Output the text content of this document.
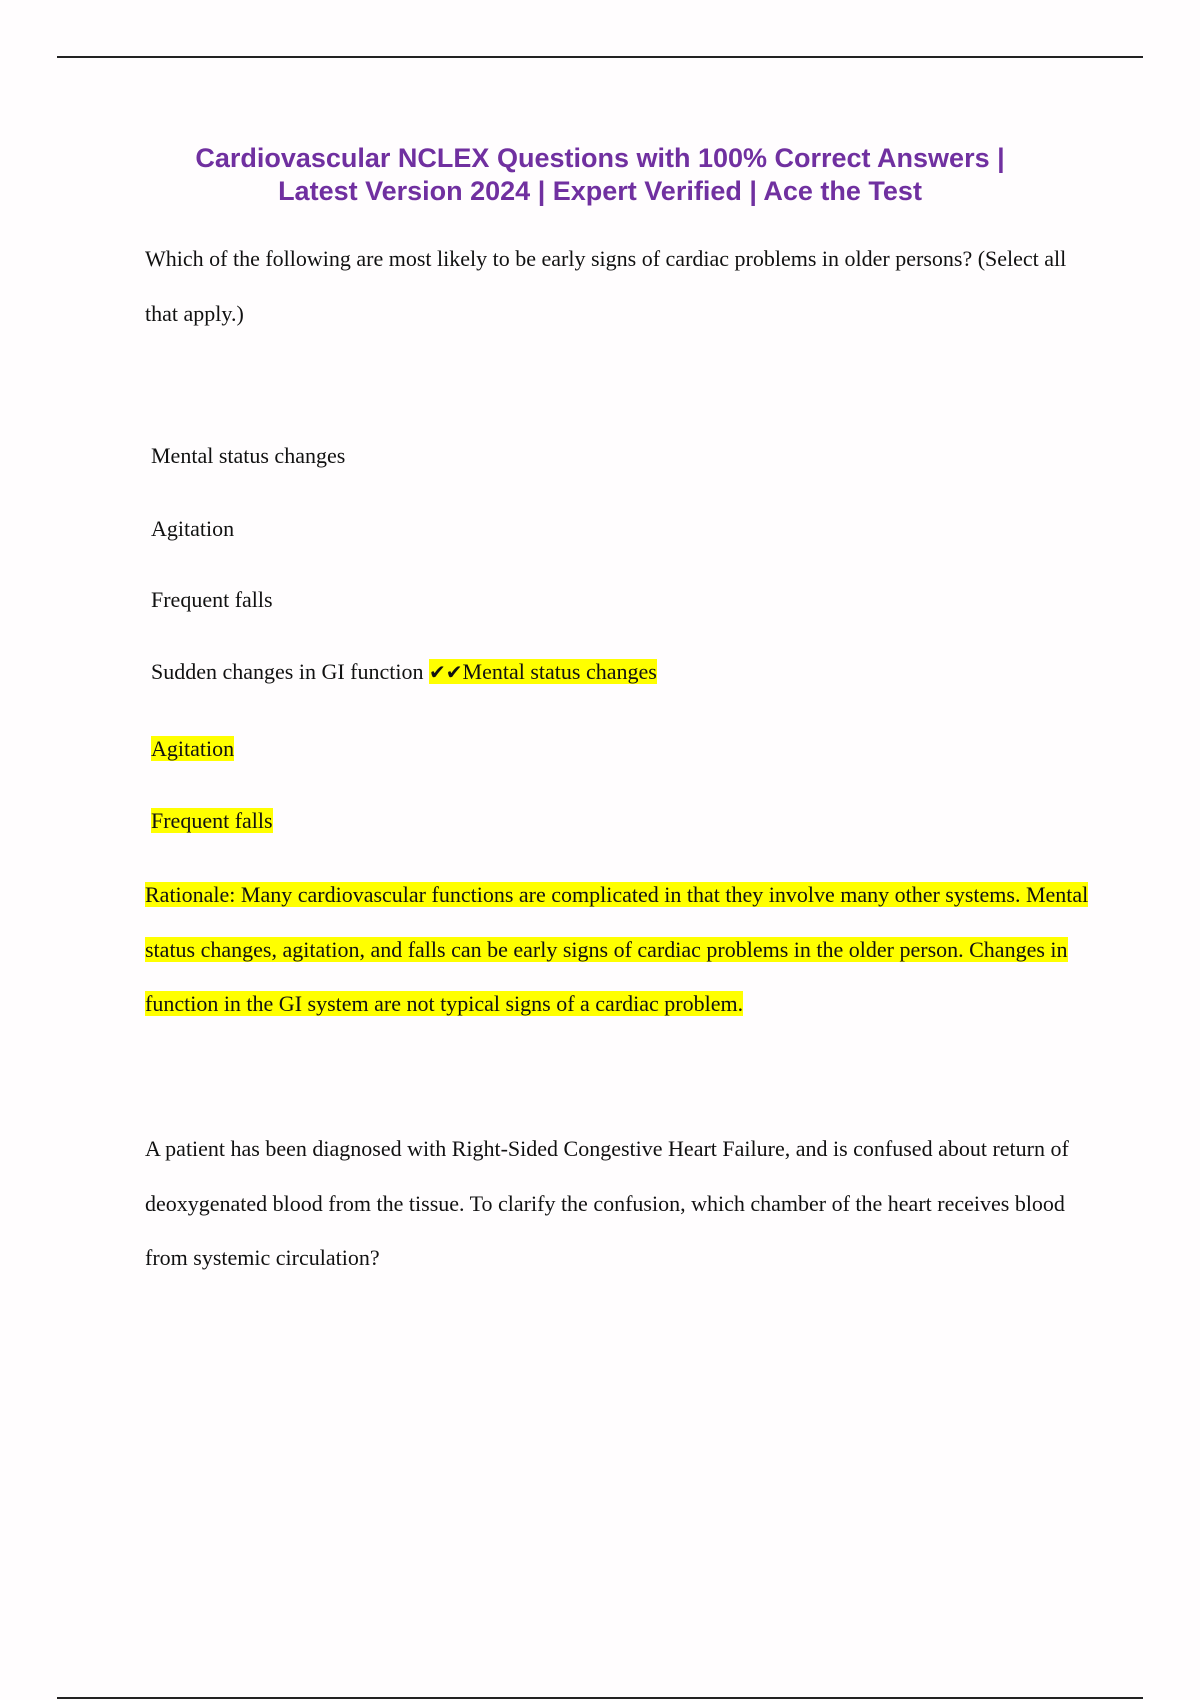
Cardiovascular NCLEX Questions with 100% Correct Answers |
Latest Version 2024 | Expert Verified | Ace the Test
Which of the following are most likely to be early signs of cardiac problems in older persons? (Select all that apply.)
Mental status changes
Agitation
Frequent falls
Sudden changes in GI function ✔✔Mental status changes
Agitation
Frequent falls
Rationale: Many cardiovascular functions are complicated in that they involve many other systems. Mental status changes, agitation, and falls can be early signs of cardiac problems in the older person. Changes in function in the GI system are not typical signs of a cardiac problem.
A patient has been diagnosed with Right-Sided Congestive Heart Failure, and is confused about return of deoxygenated blood from the tissue. To clarify the confusion, which chamber of the heart receives blood from systemic circulation?
